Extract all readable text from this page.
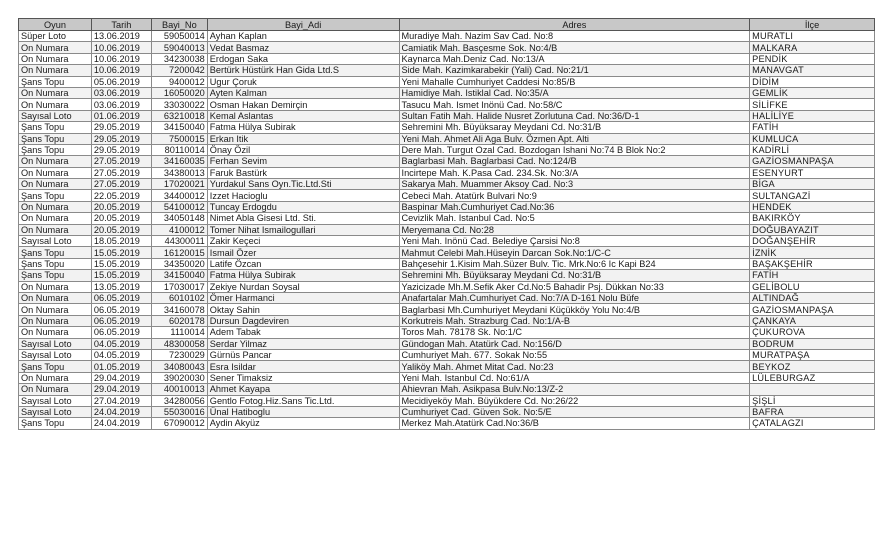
Oyun	Tarih	Bayi_No	Bayi_Adi	Adres	İlçe
Süper Loto	13.06.2019	59050014	Ayhan Kaplan	Muradiye Mah. Nazim Sav Cad. No:8	MURATLI
On Numara	10.06.2019	59040013	Vedat Basmaz	Camiatik Mah. Basçesme Sok. No:4/B	MALKARA
On Numara	10.06.2019	34230038	Erdogan Saka	Kaynarca Mah.Deniz Cad. No:13/A	PENDİK
On Numara	10.06.2019	7200042	Bertürk Hüstürk Han Gida Ltd.S	Side Mah. Kazimkarabekir (Yali) Cad. No:21/1	MANAVGAT
Şans Topu	05.06.2019	9400012	Ugur Çoruk	Yeni Mahalle Cumhuriyet Caddesi No:85/B	DİDİM
On Numara	03.06.2019	16050020	Ayten Kalman	Hamidiye Mah. Istiklal Cad. No:35/A	GEMLİK
On Numara	03.06.2019	33030022	Osman Hakan Demirçin	Tasucu Mah. Ismet Inönü Cad. No:58/C	SİLİFKE
Sayısal Loto	01.06.2019	63210018	Kemal Aslantas	Sultan Fatih Mah. Halide Nusret Zorlutuna Cad. No:36/D-1	HALİLİYE
Şans Topu	29.05.2019	34150040	Fatma Hülya Subirak	Sehremini Mh. Büyüksaray Meydani Cd. No:31/B	FATİH
Şans Topu	29.05.2019	7500015	Erkan Itik	Yeni Mah. Ahmet Ali Aga Bulv. Özmen Apt. Alti	KUMLUCA
Şans Topu	29.05.2019	80110014	Önay Özil	Dere Mah. Turgut Ozal Cad. Bozdogan Ishani No:74 B Blok No:2	KADİRLİ
On Numara	27.05.2019	34160035	Ferhan Sevim	Baglarbasi Mah. Baglarbasi Cad. No:124/B	GAZİOSMANPAŞA
On Numara	27.05.2019	34380013	Faruk Bastürk	Incirtepe Mah. K.Pasa Cad. 234.Sk. No:3/A	ESENYURT
On Numara	27.05.2019	17020021	Yurdakul Sans Oyn.Tic.Ltd.Sti	Sakarya Mah. Muammer Aksoy Cad. No:3	BİGA
Şans Topu	22.05.2019	34400012	Izzet Hacioglu	Cebeci Mah. Atatürk Bulvari No:9	SULTANGAZİ
On Numara	20.05.2019	54100012	Tuncay Erdogdu	Baspinar Mah.Cumhuriyet Cad.No:36	HENDEK
On Numara	20.05.2019	34050148	Nimet Abla Gisesi Ltd. Sti.	Cevizlik Mah. Istanbul Cad. No:5	BAKIRKÖY
On Numara	20.05.2019	4100012	Tomer Nihat Ismailogullari	Meryemana Cd. No:28	DOĞUBAYAZIT
Sayısal Loto	18.05.2019	44300011	Zakir Keçeci	Yeni Mah. Inönü Cad. Belediye Çarsisi No:8	DOĞANŞEHİR
Şans Topu	15.05.2019	16120015	Ismail Özer	Mahmut Celebi Mah.Hüseyin Darcan Sok.No:1/C-C	İZNİK
Şans Topu	15.05.2019	34350020	Latife Özcan	Bahçesehir 1.Kisim Mah.Süzer Bulv. Tic. Mrk.No:6 Ic Kapi B24	BAŞAKŞEHİR
Şans Topu	15.05.2019	34150040	Fatma Hülya Subirak	Sehremini Mh. Büyüksaray Meydani Cd. No:31/B	FATİH
On Numara	13.05.2019	17030017	Zekiye Nurdan Soysal	Yazicizade Mh.M.Sefik Aker Cd.No:5 Bahadir Psj. Dükkan No:33	GELİBOLU
On Numara	06.05.2019	6010102	Ömer Harmanci	Anafartalar Mah.Cumhuriyet Cad. No:7/A D-161 Nolu Büfe	ALTINDAĞ
On Numara	06.05.2019	34160078	Oktay Sahin	Baglarbasi Mh.Cumhuriyet Meydani Küçükköy Yolu No:4/B	GAZİOSMANPAŞA
On Numara	06.05.2019	6020178	Dursun Dagdeviren	Korkutreis Mah. Strazburg Cad. No:1/A-B	ÇANKAYA
On Numara	06.05.2019	1110014	Adem Tabak	Toros Mah. 78178 Sk. No:1/C	ÇUKUROVA
Sayısal Loto	04.05.2019	48300058	Serdar Yilmaz	Gündogan Mah. Atatürk Cad. No:156/D	BODRUM
Sayısal Loto	04.05.2019	7230029	Gürnüs Pancar	Cumhuriyet Mah. 677. Sokak No:55	MURATPAŞA
Şans Topu	01.05.2019	34080043	Esra Isildar	Yaliköy Mah. Ahmet Mitat Cad. No:23	BEYKOZ
On Numara	29.04.2019	39020030	Sener Timaksiz	Yeni Mah. Istanbul Cd. No:61/A	LÜLEBURGAZ
On Numara	29.04.2019	40010013	Ahmet Kayapa	Ahievran Mah. Asikpasa Bulv.No:13/Z-2	
Sayısal Loto	27.04.2019	34280056	Gentlo Fotog.Hiz.Sans Tic.Ltd.	Mecidiyeköy Mah. Büyükdere Cd. No:26/22	ŞİŞLİ
Sayısal Loto	24.04.2019	55030016	Ünal Hatiboglu	Cumhuriyet Cad. Güven Sok. No:5/E	BAFRA
Şans Topu	24.04.2019	67090012	Aydin Akyüz	Merkez Mah.Atatürk Cad.No:36/B	ÇATALAGZI
